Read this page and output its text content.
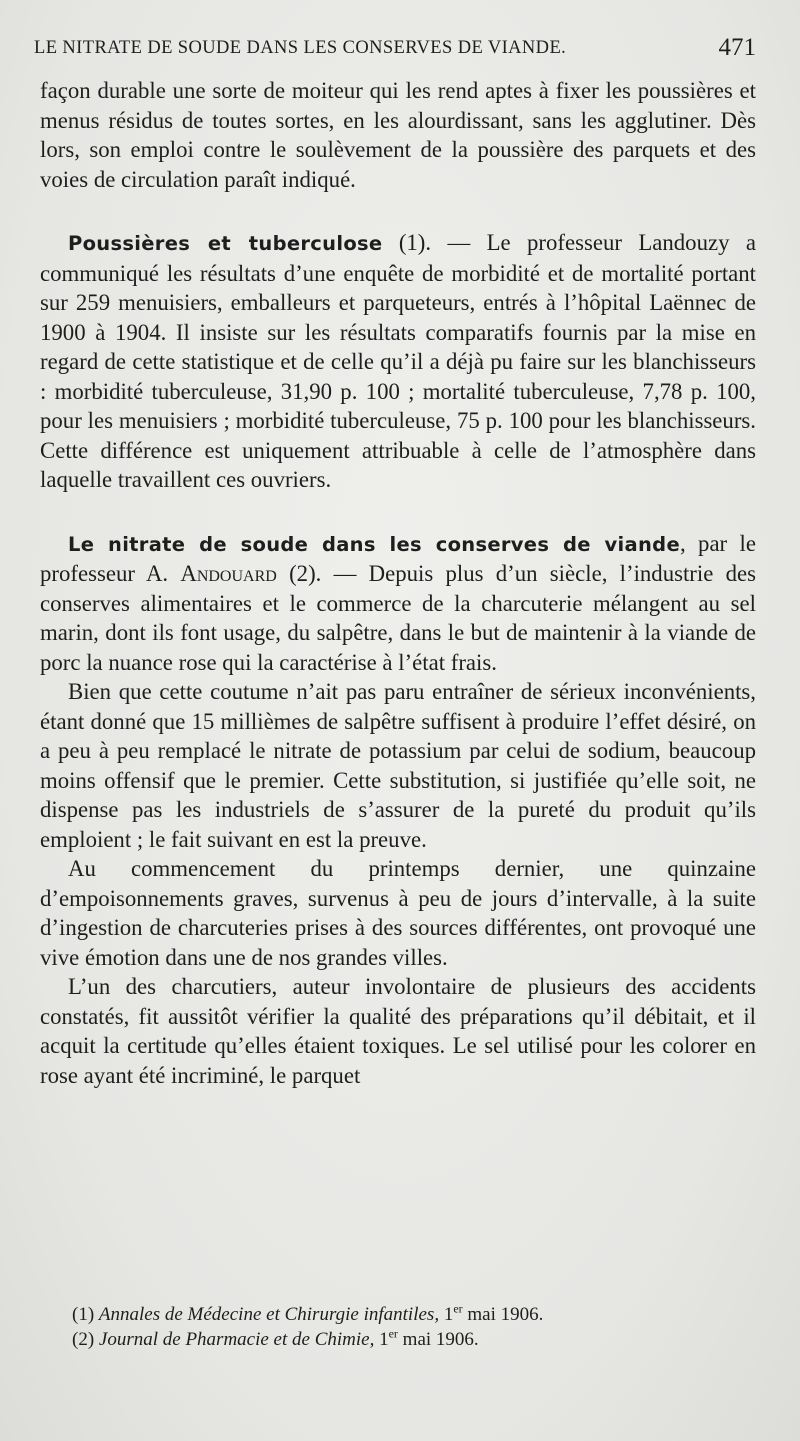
LE NITRATE DE SOUDE DANS LES CONSERVES DE VIANDE.	471

façon durable une sorte de moiteur qui les rend aptes à fixer les poussières et menus résidus de toutes sortes, en les alourdissant, sans les agglutiner. Dès lors, son emploi contre le soulèvement de la poussière des parquets et des voies de circulation paraît indiqué.

Poussières et tuberculose (1). — Le professeur Landouzy a communiqué les résultats d’une enquête de morbidité et de mortalité portant sur 259 menuisiers, emballeurs et parqueteurs, entrés à l’hôpital Laënnec de 1900 à 1904. Il insiste sur les résultats comparatifs fournis par la mise en regard de cette statistique et de celle qu’il a déjà pu faire sur les blanchisseurs : morbidité tuberculeuse, 31,90 p. 100 ; mortalité tuberculeuse, 7,78 p. 100, pour les menuisiers ; morbidité tuberculeuse, 75 p. 100 pour les blanchisseurs. Cette différence est uniquement attribuable à celle de l’atmosphère dans laquelle travaillent ces ouvriers.

Le nitrate de soude dans les conserves de viande, par le professeur A. Andouard (2). — Depuis plus d’un siècle, l’industrie des conserves alimentaires et le commerce de la charcuterie mélangent au sel marin, dont ils font usage, du salpêtre, dans le but de maintenir à la viande de porc la nuance rose qui la caractérise à l’état frais.

Bien que cette coutume n’ait pas paru entraîner de sérieux inconvénients, étant donné que 15 millièmes de salpêtre suffisent à produire l’effet désiré, on a peu à peu remplacé le nitrate de potassium par celui de sodium, beaucoup moins offensif que le premier. Cette substitution, si justifiée qu’elle soit, ne dispense pas les industriels de s’assurer de la pureté du produit qu’ils emploient ; le fait suivant en est la preuve.

Au commencement du printemps dernier, une quinzaine d’empoisonnements graves, survenus à peu de jours d’intervalle, à la suite d’ingestion de charcuteries prises à des sources différentes, ont provoqué une vive émotion dans une de nos grandes villes.

L’un des charcutiers, auteur involontaire de plusieurs des accidents constatés, fit aussitôt vérifier la qualité des préparations qu’il débitait, et il acquit la certitude qu’elles étaient toxiques. Le sel utilisé pour les colorer en rose ayant été incriminé, le parquet

(1) Annales de Médecine et Chirurgie infantiles, 1er mai 1906.

(2) Journal de Pharmacie et de Chimie, 1er mai 1906.
